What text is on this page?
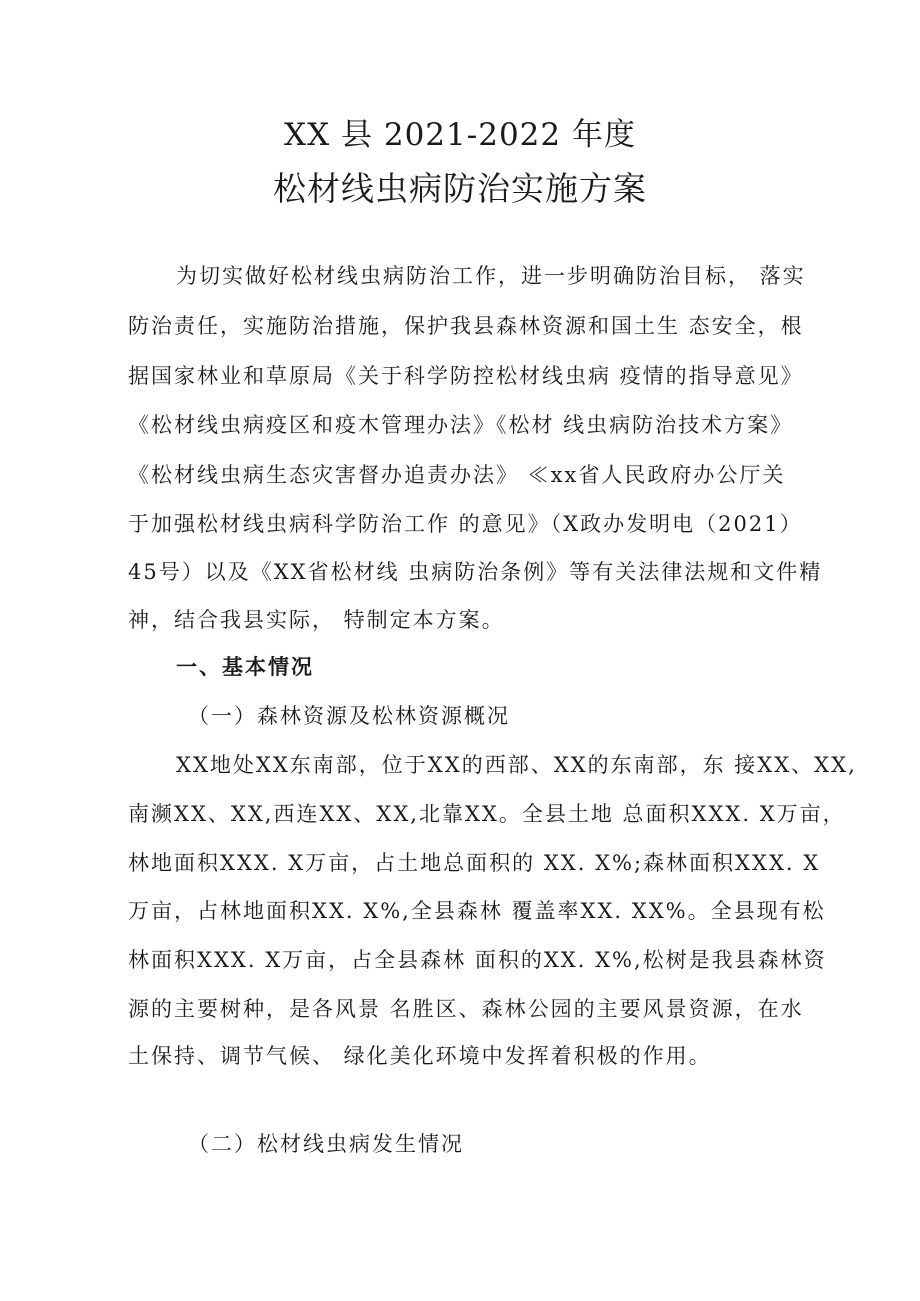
XX 县 2021-2022 年度
松材线虫病防治实施方案
为切实做好松材线虫病防治工作，进一步明确防治目标， 落实
防治责任，实施防治措施，保护我县森林资源和国土生 态安全，根
据国家林业和草原局《关于科学防控松材线虫病 疫情的指导意见》
《松材线虫病疫区和疫木管理办法》《松材 线虫病防治技术方案》
《松材线虫病生态灾害督办追责办法》 ≪xx省人民政府办公厅关
于加强松材线虫病科学防治工作 的意见》（X政办发明电（2021）
45号）以及《XX省松材线 虫病防治条例》等有关法律法规和文件精
神，结合我县实际， 特制定本方案。
一、基本情况
（一）森林资源及松林资源概况
XX地处XX东南部，位于XX的西部、XX的东南部，东 接XX、XX,
南濒XX、XX,西连XX、XX,北靠XX。全县土地 总面积XXX. X万亩，
林地面积XXX. X万亩，占土地总面积的 XX. X%;森林面积XXX. X
万亩，占林地面积XX. X%,全县森林 覆盖率XX. XX%。全县现有松
林面积XXX. X万亩，占全县森林 面积的XX. X%,松树是我县森林资
源的主要树种，是各风景 名胜区、森林公园的主要风景资源，在水
土保持、调节气候、 绿化美化环境中发挥着积极的作用。
（二）松材线虫病发生情况
